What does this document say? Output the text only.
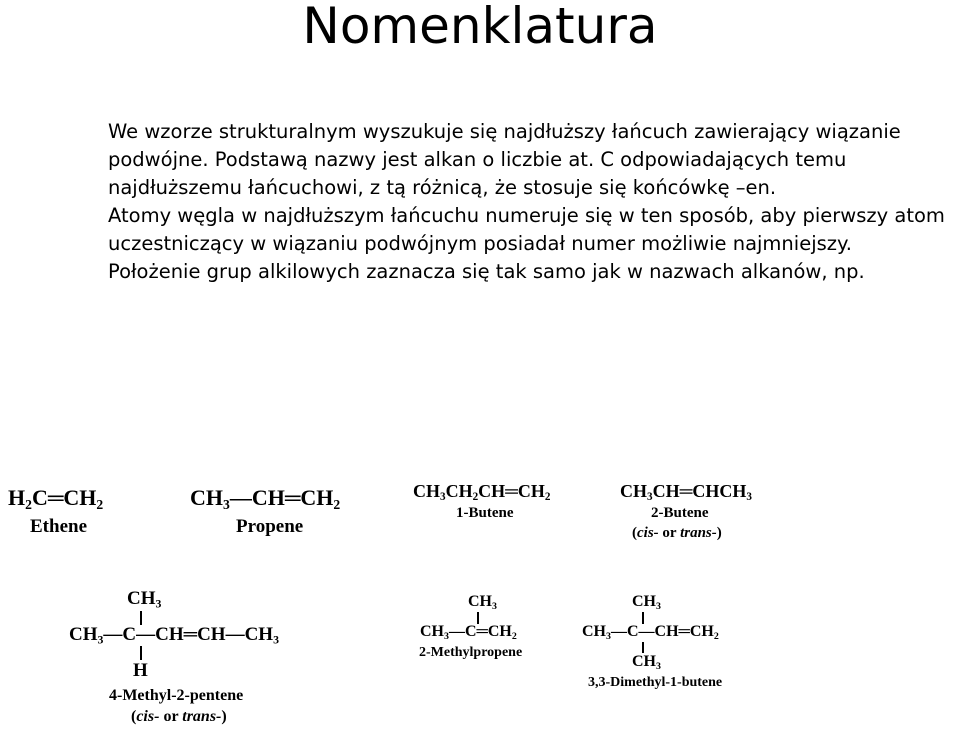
Nomenklatura

We wzorze strukturalnym wyszukuje się najdłuższy łańcuch zawierający wiązanie podwójne. Podstawą nazwy jest alkan o liczbie at. C odpowiadających temu najdłuższemu łańcuchowi, z tą różnicą, że stosuje się końcówkę –en.

Atomy węgla w najdłuższym łańcuchu numeruje się w ten sposób, aby pierwszy atom uczestniczący w wiązaniu podwójnym posiadał numer możliwie najmniejszy.

Położenie grup alkilowych zaznacza się tak samo jak w nazwach alkanów, np.

$H_2C═CH_2$
Ethene
$CH_3—CH═CH_2$
Propene
$CH_3CH_2CH═CH_2$
1-Butene
$CH_3CH═CHCH_3$
2-Butene
(cis- or trans-)
$CH_3$
$CH_3—C—CH═CH—CH_3$
H
4-Methyl-2-pentene
(cis- or trans-)
$CH_3$
$CH_3—C═CH_2$
2-Methylpropene
$CH_3$
$CH_3—C—CH═CH_2$
$CH_3$
3,3-Dimethyl-1-butene
